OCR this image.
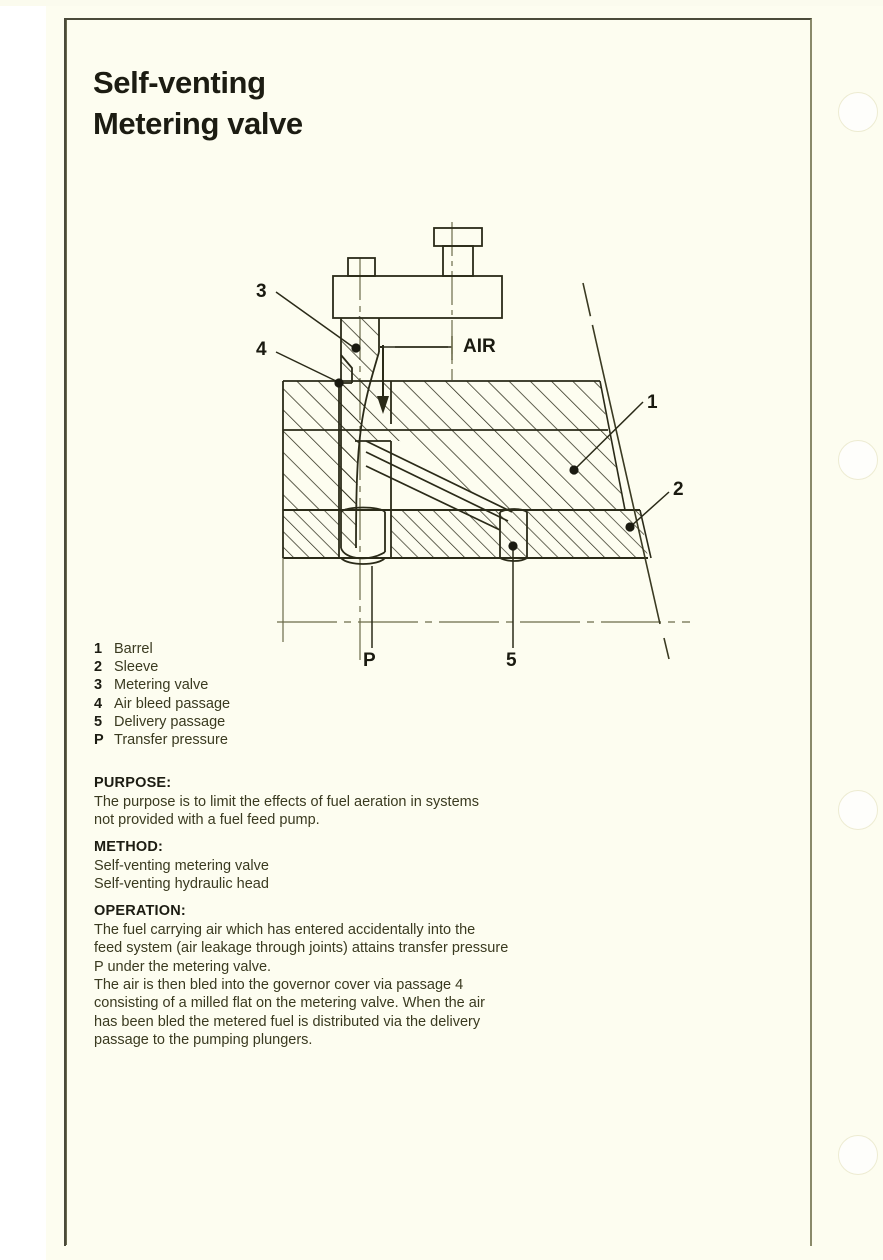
Self-venting
Metering valve
AIR
1
2
3
4
5
P
1 Barrel
2 Sleeve
3 Metering valve
4 Air bleed passage
5 Delivery passage
P Transfer pressure
PURPOSE:
The purpose is to limit the effects of fuel aeration in systems
not provided with a fuel feed pump.
METHOD:
Self-venting metering valve
Self-venting hydraulic head
OPERATION:
The fuel carrying air which has entered accidentally into the
feed system (air leakage through joints) attains transfer pressure
P under the metering valve.
The air is then bled into the governor cover via passage 4
consisting of a milled flat on the metering valve. When the air
has been bled the metered fuel is distributed via the delivery
passage to the pumping plungers.
